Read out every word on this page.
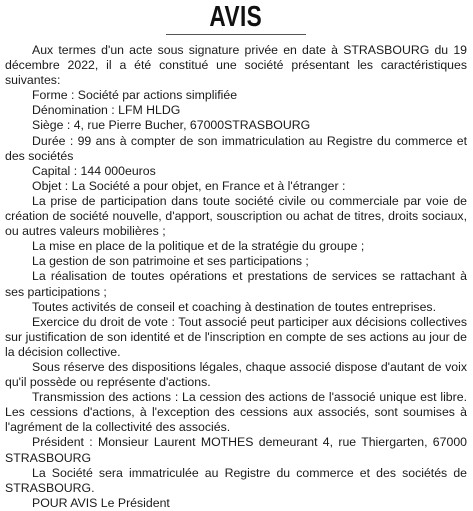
AVIS

Aux termes d'un acte sous signature privée en date à STRASBOURG du 19 décembre 2022, il a été constitué une société présentant les caractéristiques suivantes:

Forme : Société par actions simplifiée

Dénomination : LFM HLDG

Siège : 4, rue Pierre Bucher, 67000STRASBOURG

Durée : 99 ans à compter de son immatriculation au Registre du commerce et des sociétés

Capital : 144 000euros

Objet : La Société a pour objet, en France et à l'étranger :

La prise de participation dans toute société civile ou commerciale par voie de création de société nouvelle, d'apport, souscription ou achat de titres, droits sociaux, ou autres valeurs mobilières ;

La mise en place de la politique et de la stratégie du groupe ;

La gestion de son patrimoine et ses participations ;

La réalisation de toutes opérations et prestations de services se rattachant à ses participations ;

Toutes activités de conseil et coaching à destination de toutes entreprises.

Exercice du droit de vote : Tout associé peut participer aux décisions collectives sur justification de son identité et de l'inscription en compte de ses actions au jour de la décision collective.

Sous réserve des dispositions légales, chaque associé dispose d'autant de voix qu'il possède ou représente d'actions.

Transmission des actions : La cession des actions de l'associé unique est libre. Les cessions d'actions, à l'exception des cessions aux associés, sont soumises à l'agrément de la collectivité des associés.

Président : Monsieur Laurent MOTHES demeurant 4, rue Thiergarten, 67000 STRASBOURG

La Société sera immatriculée au Registre du commerce et des sociétés de STRASBOURG.

POUR AVIS Le Président
